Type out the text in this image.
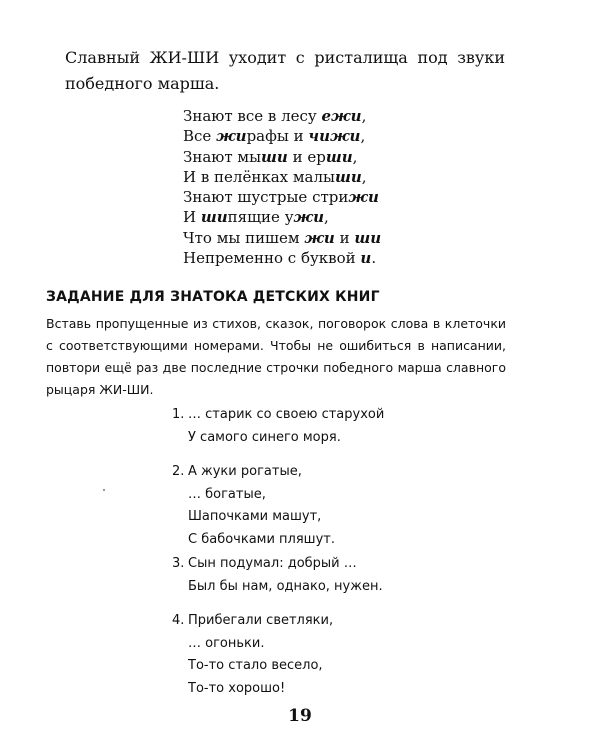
Славный ЖИ-ШИ уходит с ристалища под звуки победного марша.
Знают все в лесу ежи,
Все жирафы и чижи,
Знают мыши и ерши,
И в пелёнках малыши,
Знают шустрые стрижи
И шипящие ужи,
Что мы пишем жи и ши
Непременно с буквой и.
ЗАДАНИЕ ДЛЯ ЗНАТОКА ДЕТСКИХ КНИГ
Вставь пропущенные из стихов, сказок, поговорок слова в клеточки с соответствующими номерами. Чтобы не ошибиться в написании, повтори ещё раз две последние строчки победного марша славного рыцаря ЖИ-ШИ.
1. … старик со своею старухой
У самого синего моря.
2. А жуки рогатые,
… богатые,
Шапочками машут,
С бабочками пляшут.
3. Сын подумал: добрый …
Был бы нам, однако, нужен.
4. Прибегали светляки,
… огоньки.
То-то стало весело,
То-то хорошо!
19
